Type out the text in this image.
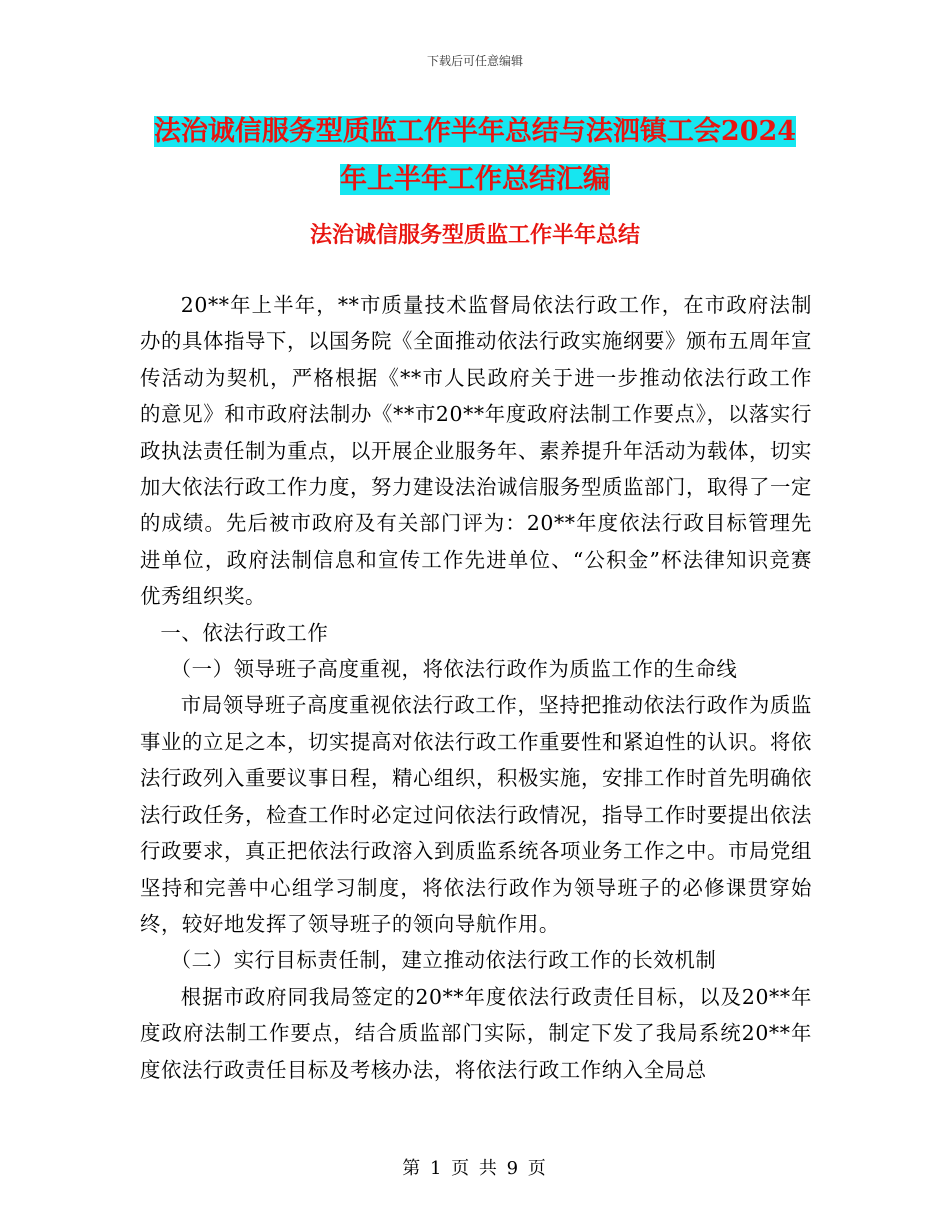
下载后可任意编辑
法治诚信服务型质监工作半年总结与法泗镇工会2024
年上半年工作总结汇编
法治诚信服务型质监工作半年总结

20**年上半年，**市质量技术监督局依法行政工作，在市政府法制办的具体指导下，以国务院《全面推动依法行政实施纲要》颁布五周年宣传活动为契机，严格根据《**市人民政府关于进一步推动依法行政工作的意见》和市政府法制办《**市20**年度政府法制工作要点》，以落实行政执法责任制为重点，以开展企业服务年、素养提升年活动为载体，切实加大依法行政工作力度，努力建设法治诚信服务型质监部门，取得了一定的成绩。先后被市政府及有关部门评为：20**年度依法行政目标管理先进单位，政府法制信息和宣传工作先进单位、“公积金”杯法律知识竞赛优秀组织奖。

一、依法行政工作

（一）领导班子高度重视，将依法行政作为质监工作的生命线

市局领导班子高度重视依法行政工作，坚持把推动依法行政作为质监事业的立足之本，切实提高对依法行政工作重要性和紧迫性的认识。将依法行政列入重要议事日程，精心组织，积极实施，安排工作时首先明确依法行政任务，检查工作时必定过问依法行政情况，指导工作时要提出依法行政要求，真正把依法行政溶入到质监系统各项业务工作之中。市局党组坚持和完善中心组学习制度，将依法行政作为领导班子的必修课贯穿始终，较好地发挥了领导班子的领向导航作用。

（二）实行目标责任制，建立推动依法行政工作的长效机制

根据市政府同我局签定的20**年度依法行政责任目标，以及20**年度政府法制工作要点，结合质监部门实际，制定下发了我局系统20**年度依法行政责任目标及考核办法，将依法行政工作纳入全局总

第 1 页 共 9 页
